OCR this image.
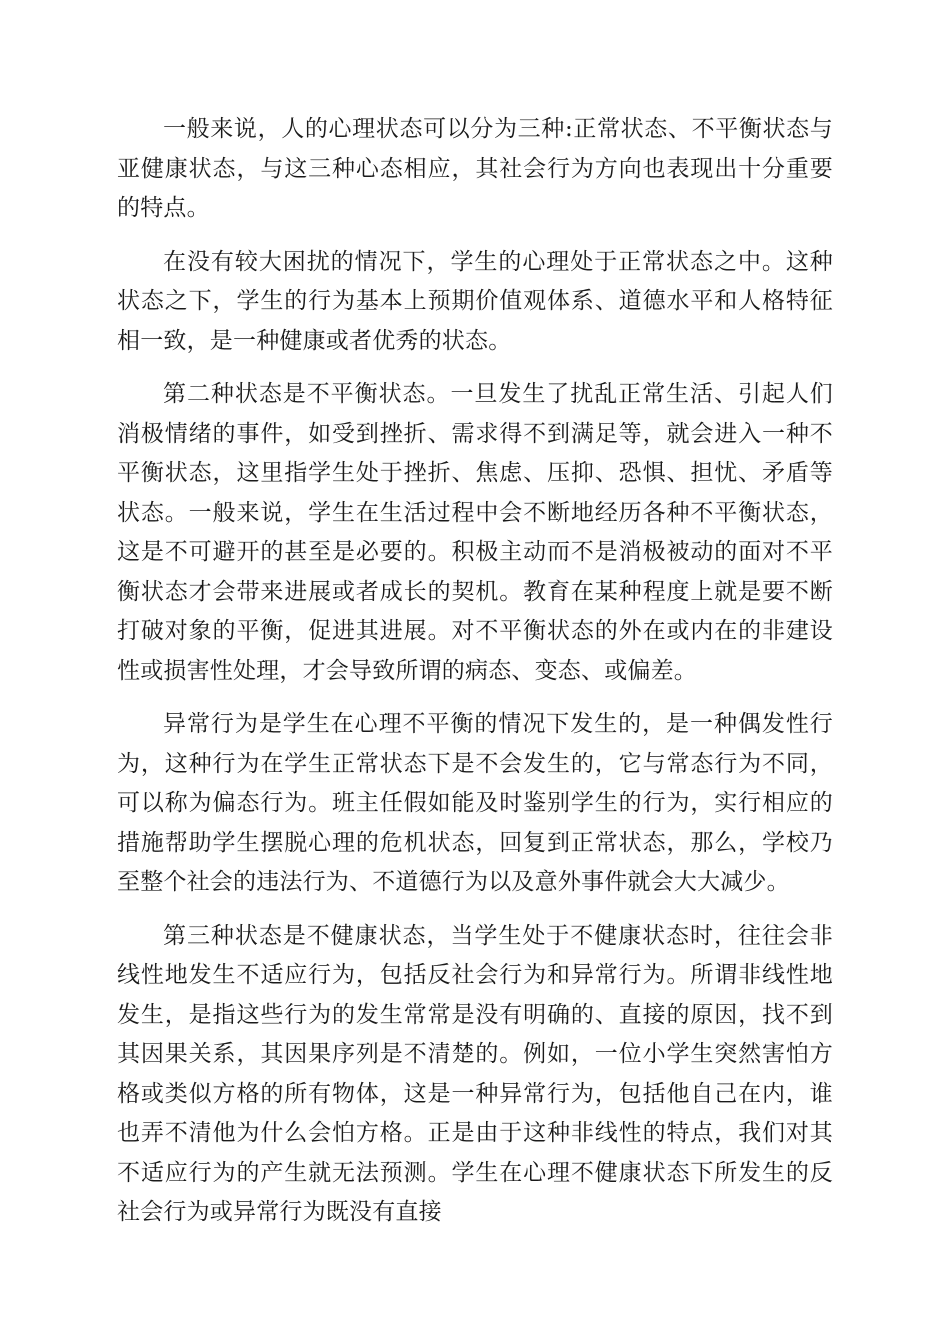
一般来说，人的心理状态可以分为三种:正常状态、不平衡状态与亚健康状态，与这三种心态相应，其社会行为方向也表现出十分重要的特点。

在没有较大困扰的情况下，学生的心理处于正常状态之中。这种状态之下，学生的行为基本上预期价值观体系、道德水平和人格特征相一致，是一种健康或者优秀的状态。

第二种状态是不平衡状态。一旦发生了扰乱正常生活、引起人们消极情绪的事件，如受到挫折、需求得不到满足等，就会进入一种不平衡状态，这里指学生处于挫折、焦虑、压抑、恐惧、担忧、矛盾等状态。一般来说，学生在生活过程中会不断地经历各种不平衡状态，这是不可避开的甚至是必要的。积极主动而不是消极被动的面对不平衡状态才会带来进展或者成长的契机。教育在某种程度上就是要不断打破对象的平衡，促进其进展。对不平衡状态的外在或内在的非建设性或损害性处理，才会导致所谓的病态、变态、或偏差。

异常行为是学生在心理不平衡的情况下发生的，是一种偶发性行为，这种行为在学生正常状态下是不会发生的，它与常态行为不同，可以称为偏态行为。班主任假如能及时鉴别学生的行为，实行相应的措施帮助学生摆脱心理的危机状态，回复到正常状态，那么，学校乃至整个社会的违法行为、不道德行为以及意外事件就会大大减少。

第三种状态是不健康状态，当学生处于不健康状态时，往往会非线性地发生不适应行为，包括反社会行为和异常行为。所谓非线性地发生，是指这些行为的发生常常是没有明确的、直接的原因，找不到其因果关系，其因果序列是不清楚的。例如，一位小学生突然害怕方格或类似方格的所有物体，这是一种异常行为，包括他自己在内，谁也弄不清他为什么会怕方格。正是由于这种非线性的特点，我们对其不适应行为的产生就无法预测。学生在心理不健康状态下所发生的反社会行为或异常行为既没有直接
